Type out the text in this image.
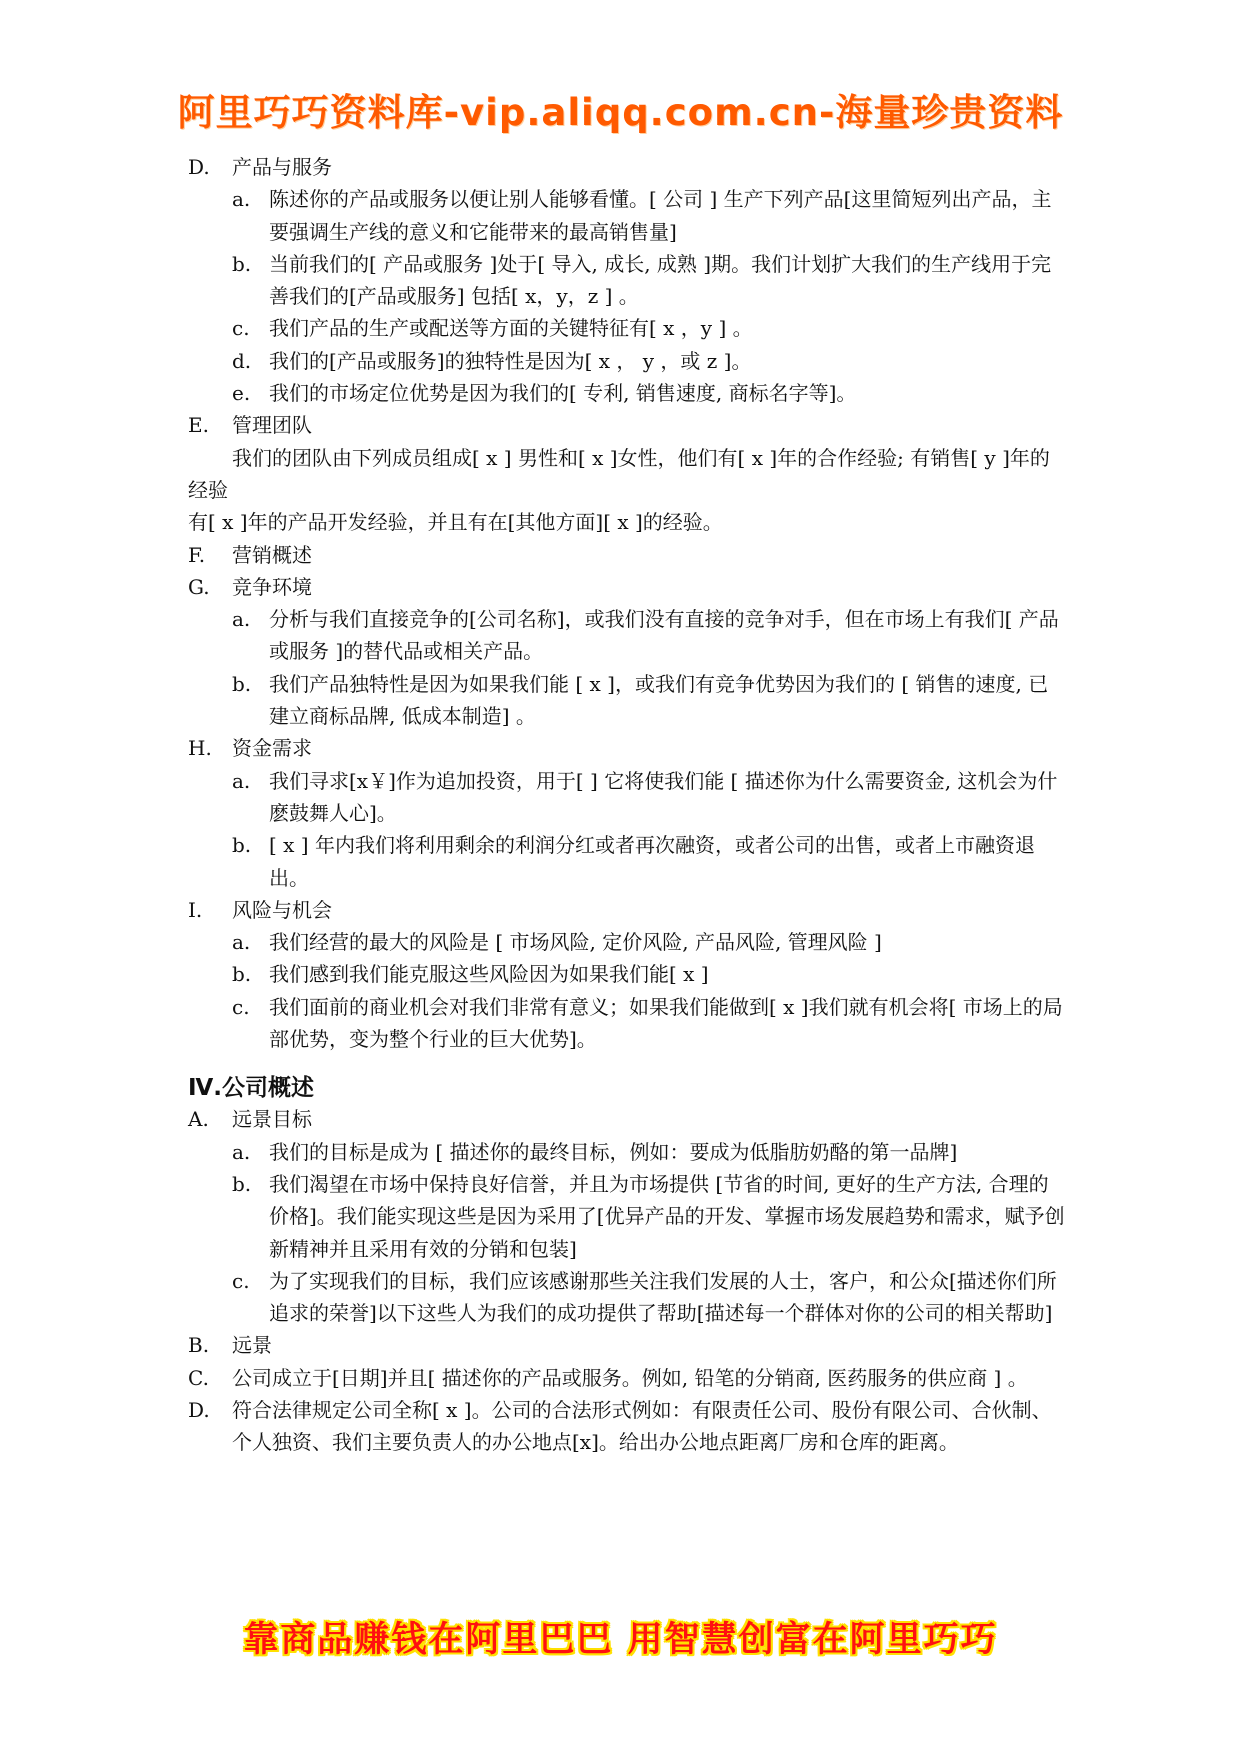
阿里巧巧资料库-vip.aliqq.com.cn-海量珍贵资料
D. 产品与服务
a. 陈述你的产品或服务以便让别人能够看懂。[ 公司 ] 生产下列产品[这里简短列出产品，主要强调生产线的意义和它能带来的最高销售量]
b. 当前我们的[ 产品或服务 ]处于[ 导入, 成长, 成熟 ]期。我们计划扩大我们的生产线用于完善我们的[产品或服务] 包括[ x，y，z ] 。
c. 我们产品的生产或配送等方面的关键特征有[ x ，y ] 。
d. 我们的[产品或服务]的独特性是因为[ x ， y ，或 z ]。
e. 我们的市场定位优势是因为我们的[ 专利, 销售速度, 商标名字等]。
E. 管理团队
我们的团队由下列成员组成[ x ] 男性和[ x ]女性，他们有[ x ]年的合作经验; 有销售[ y ]年的经验
有[ x ]年的产品开发经验，并且有在[其他方面][ x ]的经验。
F. 营销概述
G. 竞争环境
a. 分析与我们直接竞争的[公司名称]，或我们没有直接的竞争对手，但在市场上有我们[ 产品或服务 ]的替代品或相关产品。
b. 我们产品独特性是因为如果我们能 [ x ]，或我们有竞争优势因为我们的 [ 销售的速度, 已建立商标品牌, 低成本制造] 。
H. 资金需求
a. 我们寻求[x￥]作为追加投资，用于[ ] 它将使我们能 [ 描述你为什么需要资金, 这机会为什麽鼓舞人心]。
b. [ x ] 年内我们将利用剩余的利润分红或者再次融资，或者公司的出售，或者上市融资退出。
I. 风险与机会
a. 我们经营的最大的风险是 [ 市场风险, 定价风险, 产品风险, 管理风险 ]
b. 我们感到我们能克服这些风险因为如果我们能[ x ]
c. 我们面前的商业机会对我们非常有意义；如果我们能做到[ x ]我们就有机会将[ 市场上的局部优势，变为整个行业的巨大优势]。
Ⅳ.公司概述
A. 远景目标
a. 我们的目标是成为 [ 描述你的最终目标，例如：要成为低脂肪奶酪的第一品牌]
b. 我们渴望在市场中保持良好信誉，并且为市场提供 [节省的时间, 更好的生产方法, 合理的价格]。我们能实现这些是因为采用了[优异产品的开发、掌握市场发展趋势和需求，赋予创新精神并且采用有效的分销和包装]
c. 为了实现我们的目标，我们应该感谢那些关注我们发展的人士，客户，和公众[描述你们所追求的荣誉]以下这些人为我们的成功提供了帮助[描述每一个群体对你的公司的相关帮助]
B. 远景
C. 公司成立于[日期]并且[ 描述你的产品或服务。例如, 铅笔的分销商, 医药服务的供应商 ] 。
D. 符合法律规定公司全称[ x ]。公司的合法形式例如：有限责任公司、股份有限公司、合伙制、个人独资、我们主要负责人的办公地点[x]。给出办公地点距离厂房和仓库的距离。
靠商品赚钱在阿里巴巴 用智慧创富在阿里巧巧
